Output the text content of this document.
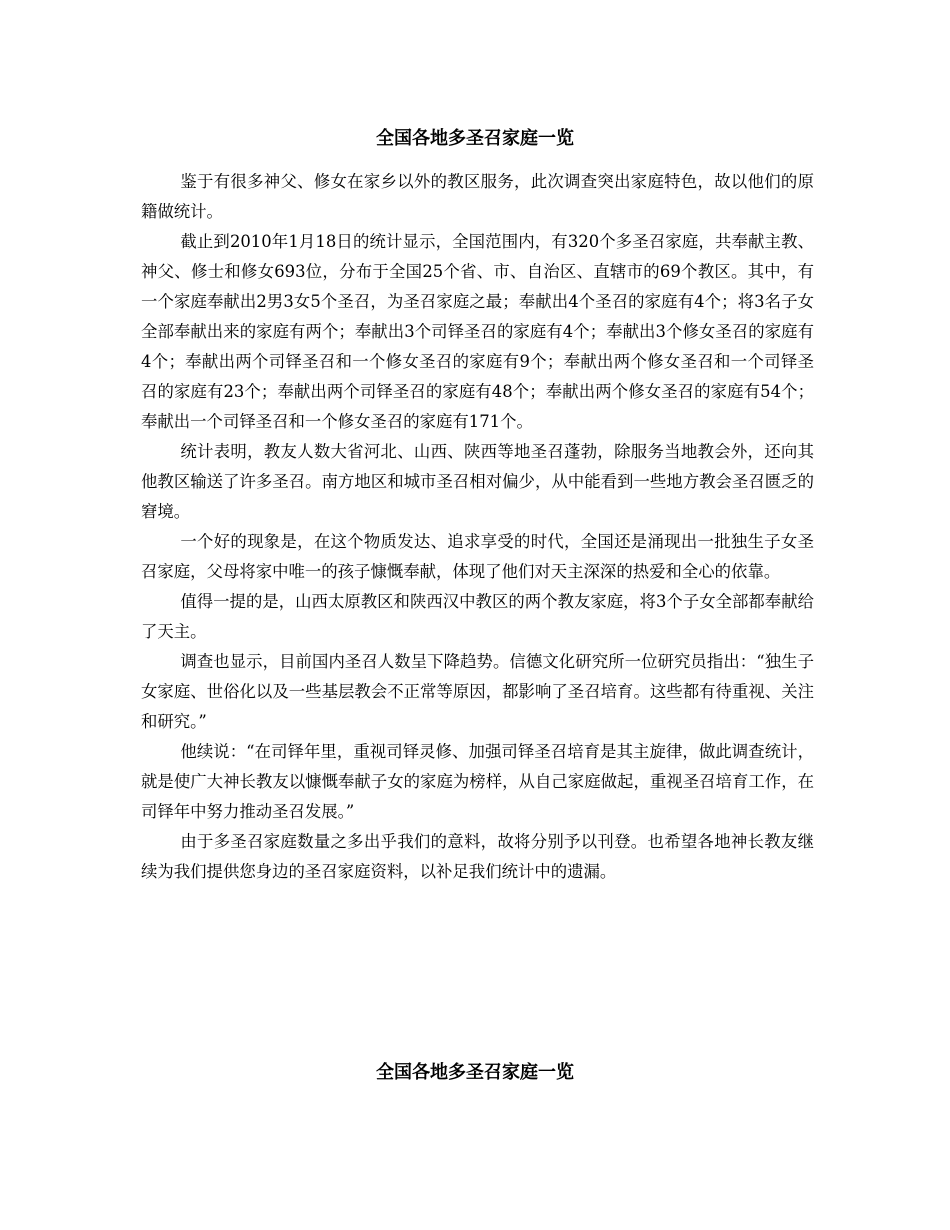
全国各地多圣召家庭一览

鉴于有很多神父、修女在家乡以外的教区服务，此次调查突出家庭特色，故以他们的原籍做统计。

截止到2010年1月18日的统计显示，全国范围内，有320个多圣召家庭，共奉献主教、神父、修士和修女693位，分布于全国25个省、市、自治区、直辖市的69个教区。其中，有一个家庭奉献出2男3女5个圣召，为圣召家庭之最；奉献出4个圣召的家庭有4个；将3名子女全部奉献出来的家庭有两个；奉献出3个司铎圣召的家庭有4个；奉献出3个修女圣召的家庭有4个；奉献出两个司铎圣召和一个修女圣召的家庭有9个；奉献出两个修女圣召和一个司铎圣召的家庭有23个；奉献出两个司铎圣召的家庭有48个；奉献出两个修女圣召的家庭有54个；奉献出一个司铎圣召和一个修女圣召的家庭有171个。

统计表明，教友人数大省河北、山西、陕西等地圣召蓬勃，除服务当地教会外，还向其他教区输送了许多圣召。南方地区和城市圣召相对偏少，从中能看到一些地方教会圣召匮乏的窘境。

一个好的现象是，在这个物质发达、追求享受的时代，全国还是涌现出一批独生子女圣召家庭，父母将家中唯一的孩子慷慨奉献，体现了他们对天主深深的热爱和全心的依靠。

值得一提的是，山西太原教区和陕西汉中教区的两个教友家庭，将3个子女全部都奉献给了天主。

调查也显示，目前国内圣召人数呈下降趋势。信德文化研究所一位研究员指出：“独生子女家庭、世俗化以及一些基层教会不正常等原因，都影响了圣召培育。这些都有待重视、关注和研究。”

他续说：“在司铎年里，重视司铎灵修、加强司铎圣召培育是其主旋律，做此调查统计，就是使广大神长教友以慷慨奉献子女的家庭为榜样，从自己家庭做起，重视圣召培育工作，在司铎年中努力推动圣召发展。”

由于多圣召家庭数量之多出乎我们的意料，故将分别予以刊登。也希望各地神长教友继续为我们提供您身边的圣召家庭资料，以补足我们统计中的遗漏。

全国各地多圣召家庭一览
